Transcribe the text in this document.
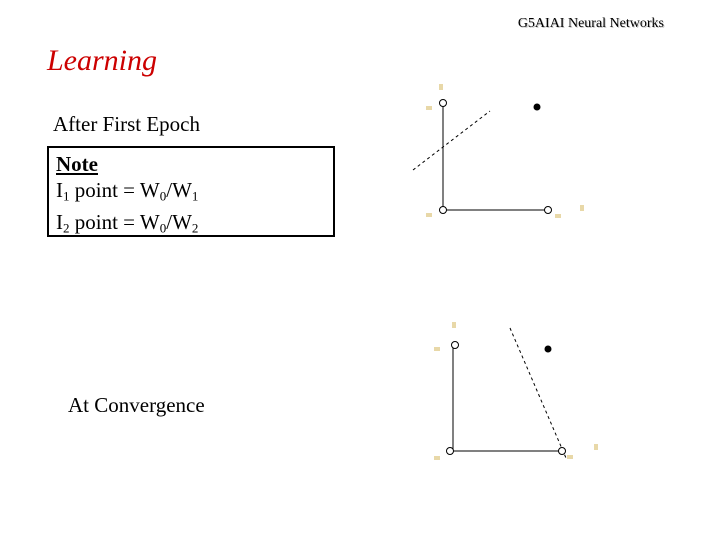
G5AIAI Neural Networks
Learning
After First Epoch
Note
$I_1$ point = $W_0/W_1$
$I_2$ point = $W_0/W_2$
At Convergence
